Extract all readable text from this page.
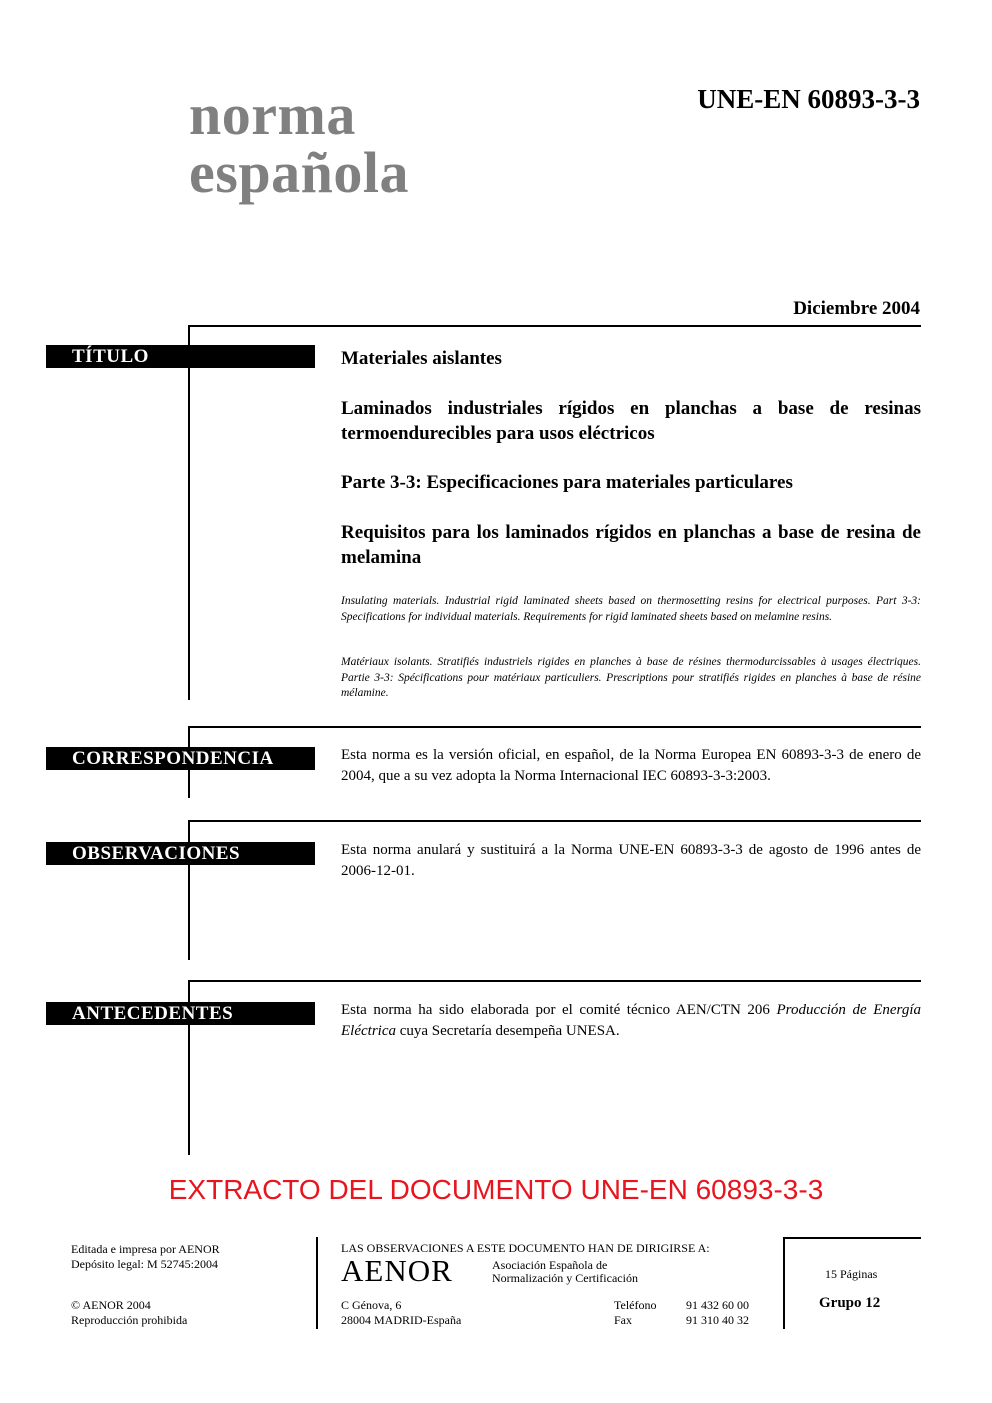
norma
española
UNE-EN 60893-3-3
Diciembre 2004
TÍTULO	Materiales aislantes
Laminados industriales rígidos en planchas a base de resinas termoendurecibles para usos eléctricos
Parte 3-3: Especificaciones para materiales particulares
Requisitos para los laminados rígidos en planchas a base de resina de melamina
Insulating materials. Industrial rigid laminated sheets based on thermosetting resins for electrical purposes. Part 3-3: Specifications for individual materials. Requirements for rigid laminated sheets based on melamine resins.
Matériaux isolants. Stratifiés industriels rigides en planches à base de résines thermodurcissables à usages électriques. Partie 3-3: Spécifications pour matériaux particuliers. Prescriptions pour stratifiés rigides en planches à base de résine mélamine.
CORRESPONDENCIA	Esta norma es la versión oficial, en español, de la Norma Europea EN 60893-3-3 de enero de 2004, que a su vez adopta la Norma Internacional IEC 60893-3-3:2003.
OBSERVACIONES	Esta norma anulará y sustituirá a la Norma UNE-EN 60893-3-3 de agosto de 1996 antes de 2006-12-01.
ANTECEDENTES	Esta norma ha sido elaborada por el comité técnico AEN/CTN 206 Producción de Energía Eléctrica cuya Secretaría desempeña UNESA.
EXTRACTO DEL DOCUMENTO UNE-EN 60893-3-3
Editada e impresa por AENOR
Depósito legal: M 52745:2004
© AENOR 2004
Reproducción prohibida
LAS OBSERVACIONES A ESTE DOCUMENTO HAN DE DIRIGIRSE A:
AENOR	Asociación Española de
Normalización y Certificación
C Génova, 6
28004 MADRID-España
Teléfono 91 432 60 00
Fax	91 310 40 32
15 Páginas
Grupo 12
